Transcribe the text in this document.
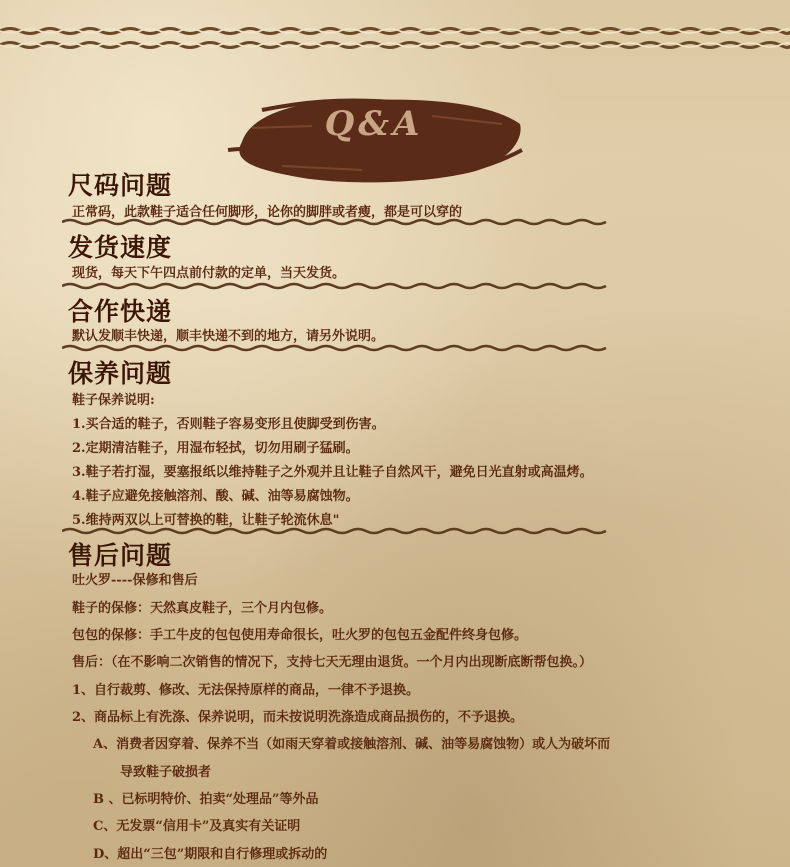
Q&A
尺码问题
正常码，此款鞋子适合任何脚形，论你的脚胖或者瘦，都是可以穿的
发货速度
现货，每天下午四点前付款的定单，当天发货。
合作快递
默认发顺丰快递，顺丰快递不到的地方，请另外说明。
保养问题
鞋子保养说明:
1.买合适的鞋子，否则鞋子容易变形且使脚受到伤害。
2.定期清洁鞋子，用湿布轻拭，切勿用刷子猛刷。
3.鞋子若打湿，要塞报纸以维持鞋子之外观并且让鞋子自然风干，避免日光直射或高温烤。
4.鞋子应避免接触溶剂、酸、碱、油等易腐蚀物。
5.维持两双以上可替换的鞋，让鞋子轮流休息"
售后问题
吐火罗----保修和售后
鞋子的保修：天然真皮鞋子，三个月内包修。
包包的保修：手工牛皮的包包使用寿命很长，吐火罗的包包五金配件终身包修。
售后：（在不影响二次销售的情况下，支持七天无理由退货。一个月内出现断底断帮包换。）
1、自行裁剪、修改、无法保持原样的商品，一律不予退换。
2、商品标上有洗涤、保养说明，而未按说明洗涤造成商品损伤的，不予退换。
A、消费者因穿着、保养不当（如雨天穿着或接触溶剂、碱、油等易腐蚀物）或人为破坏而
导致鞋子破损者
B 、已标明特价、拍卖“处理品”等外品
C、无发票“信用卡”及真实有关证明
D、超出“三包”期限和自行修理或拆动的
